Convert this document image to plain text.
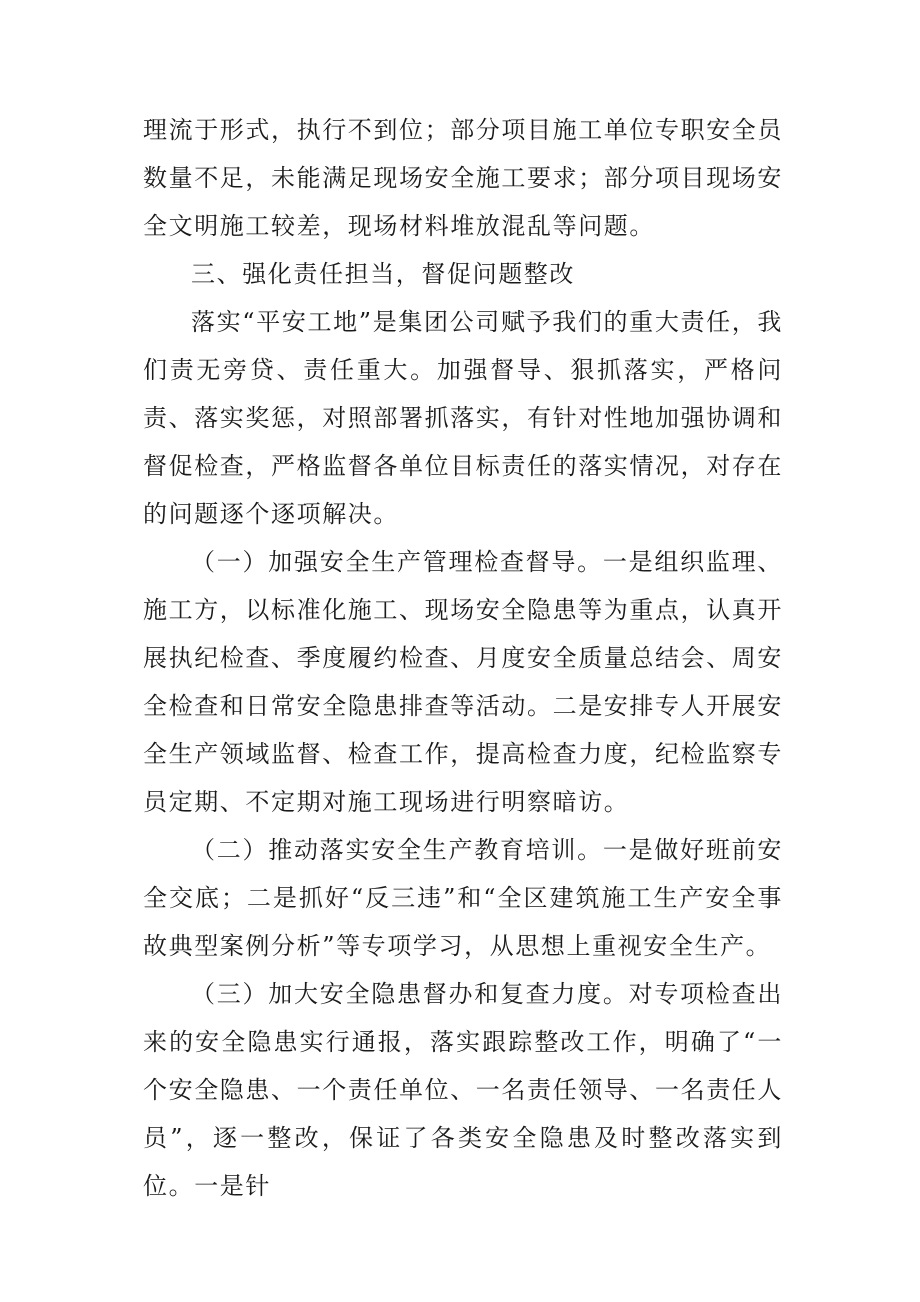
理流于形式，执行不到位；部分项目施工单位专职安全员数量不足，未能满足现场安全施工要求；部分项目现场安全文明施工较差，现场材料堆放混乱等问题。

三、强化责任担当，督促问题整改

落实“平安工地”是集团公司赋予我们的重大责任，我们责无旁贷、责任重大。加强督导、狠抓落实，严格问责、落实奖惩，对照部署抓落实，有针对性地加强协调和督促检查，严格监督各单位目标责任的落实情况，对存在的问题逐个逐项解决。

（一）加强安全生产管理检查督导。一是组织监理、施工方，以标准化施工、现场安全隐患等为重点，认真开展执纪检查、季度履约检查、月度安全质量总结会、周安全检查和日常安全隐患排查等活动。二是安排专人开展安全生产领域监督、检查工作，提高检查力度，纪检监察专员定期、不定期对施工现场进行明察暗访。

（二）推动落实安全生产教育培训。一是做好班前安全交底；二是抓好“反三违”和“全区建筑施工生产安全事故典型案例分析”等专项学习，从思想上重视安全生产。

（三）加大安全隐患督办和复查力度。对专项检查出来的安全隐患实行通报，落实跟踪整改工作，明确了“一个安全隐患、一个责任单位、一名责任领导、一名责任人员”，逐一整改，保证了各类安全隐患及时整改落实到位。一是针
